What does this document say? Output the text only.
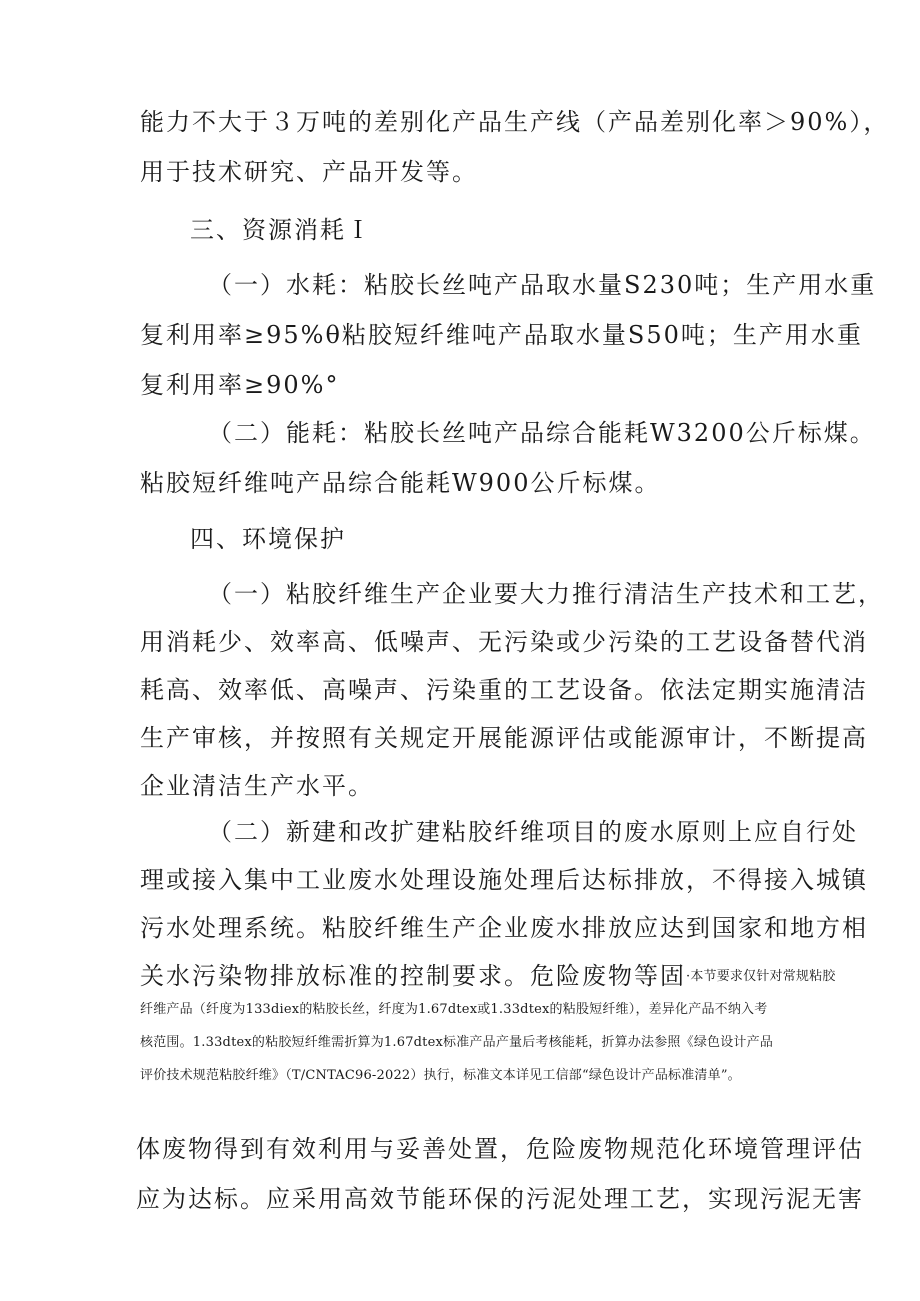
能力不大于３万吨的差别化产品生产线（产品差别化率＞90%），
用于技术研究、产品开发等。
三、资源消耗Ｉ
（一）水耗：粘胶长丝吨产品取水量S230吨；生产用水重
复利用率≥95%θ粘胶短纤维吨产品取水量S50吨；生产用水重
复利用率≥90%°
（二）能耗：粘胶长丝吨产品综合能耗W3200公斤标煤。
粘胶短纤维吨产品综合能耗W900公斤标煤。
四、环境保护
（一）粘胶纤维生产企业要大力推行清洁生产技术和工艺，
用消耗少、效率高、低噪声、无污染或少污染的工艺设备替代消
耗高、效率低、高噪声、污染重的工艺设备。依法定期实施清洁
生产审核，并按照有关规定开展能源评估或能源审计，不断提高
企业清洁生产水平。
（二）新建和改扩建粘胶纤维项目的废水原则上应自行处
理或接入集中工业废水处理设施处理后达标排放，不得接入城镇
污水处理系统。粘胶纤维生产企业废水排放应达到国家和地方相
关水污染物排放标准的控制要求。危险废物等固·本节要求仅针对常规粘胶
纤维产品（纤度为133diex的粘胶长丝，纤度为1.67dtex或1.33dtex的粘股短纤维），差异化产品不纳入考
核范围。1.33dtex的粘胶短纤维需折算为1.67dtex标准产品产量后考核能耗，折算办法参照《绿色设计产品
评价技术规范粘胶纤维》（T/CNTAC96-2022）执行，标准文本详见工信部“绿色设计产品标准清单”。
体废物得到有效利用与妥善处置，危险废物规范化环境管理评估
应为达标。应采用高效节能环保的污泥处理工艺，实现污泥无害
